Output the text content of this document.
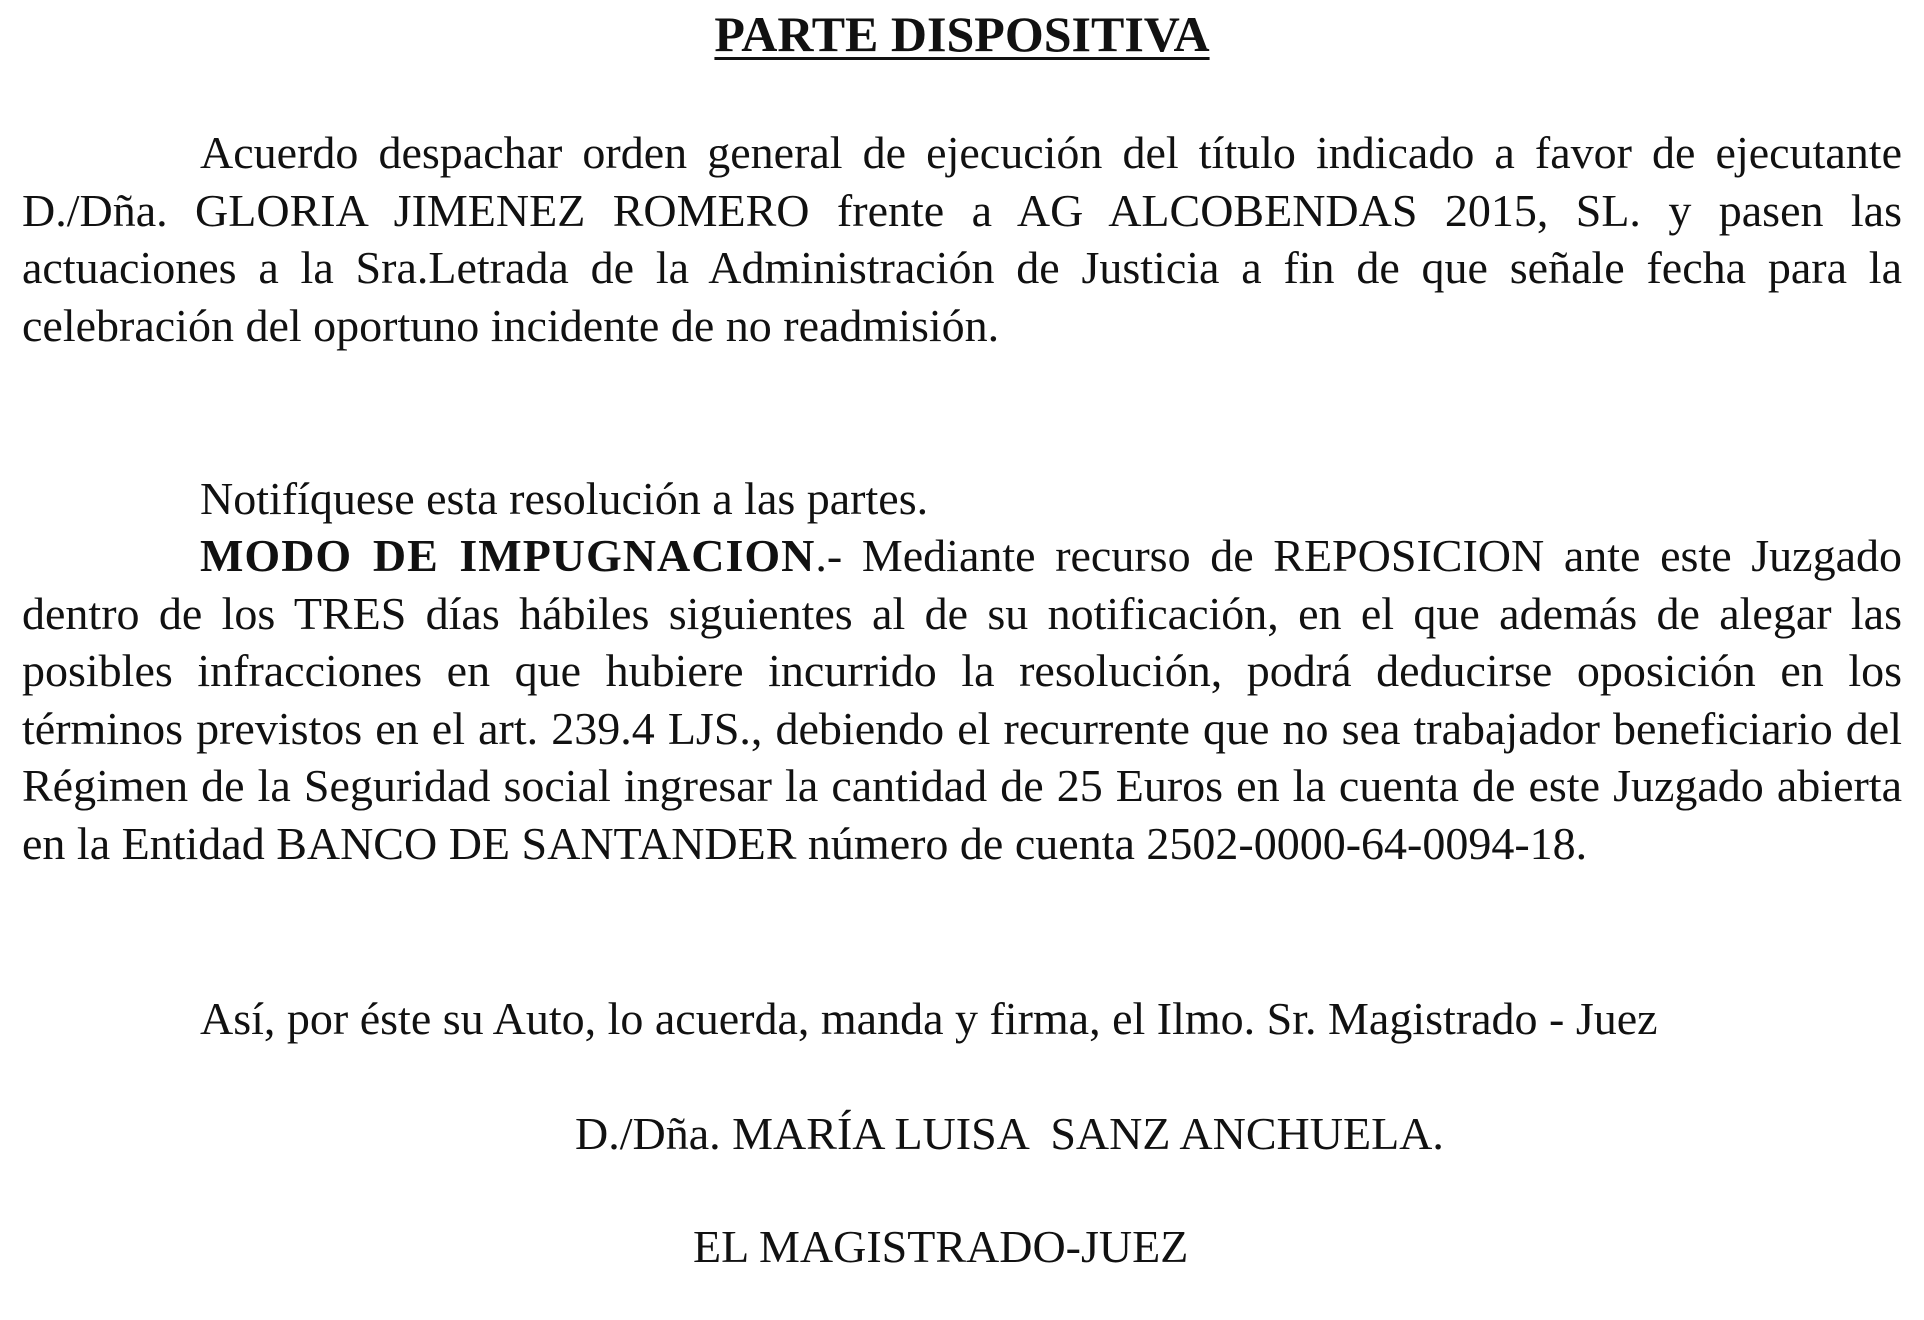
PARTE DISPOSITIVA

Acuerdo despachar orden general de ejecución del título indicado a favor de ejecutante D./Dña. GLORIA JIMENEZ ROMERO frente a AG ALCOBENDAS 2015, SL. y pasen las actuaciones a la Sra.Letrada de la Administración de Justicia a fin de que señale fecha para la celebración del oportuno incidente de no readmisión.

Notifíquese esta resolución a las partes.

MODO DE IMPUGNACION.- Mediante recurso de REPOSICION ante este Juzgado dentro de los TRES días hábiles siguientes al de su notificación, en el que además de alegar las posibles infracciones en que hubiere incurrido la resolución, podrá deducirse oposición en los términos previstos en el art. 239.4 LJS., debiendo el recurrente que no sea trabajador beneficiario del Régimen de la Seguridad social ingresar la cantidad de 25 Euros en la cuenta de este Juzgado abierta en la Entidad BANCO DE SANTANDER número de cuenta 2502-0000-64-0094-18.

Así, por éste su Auto, lo acuerda, manda y firma, el Ilmo. Sr. Magistrado - Juez

D./Dña. MARÍA LUISA  SANZ ANCHUELA.
EL MAGISTRADO-JUEZ
